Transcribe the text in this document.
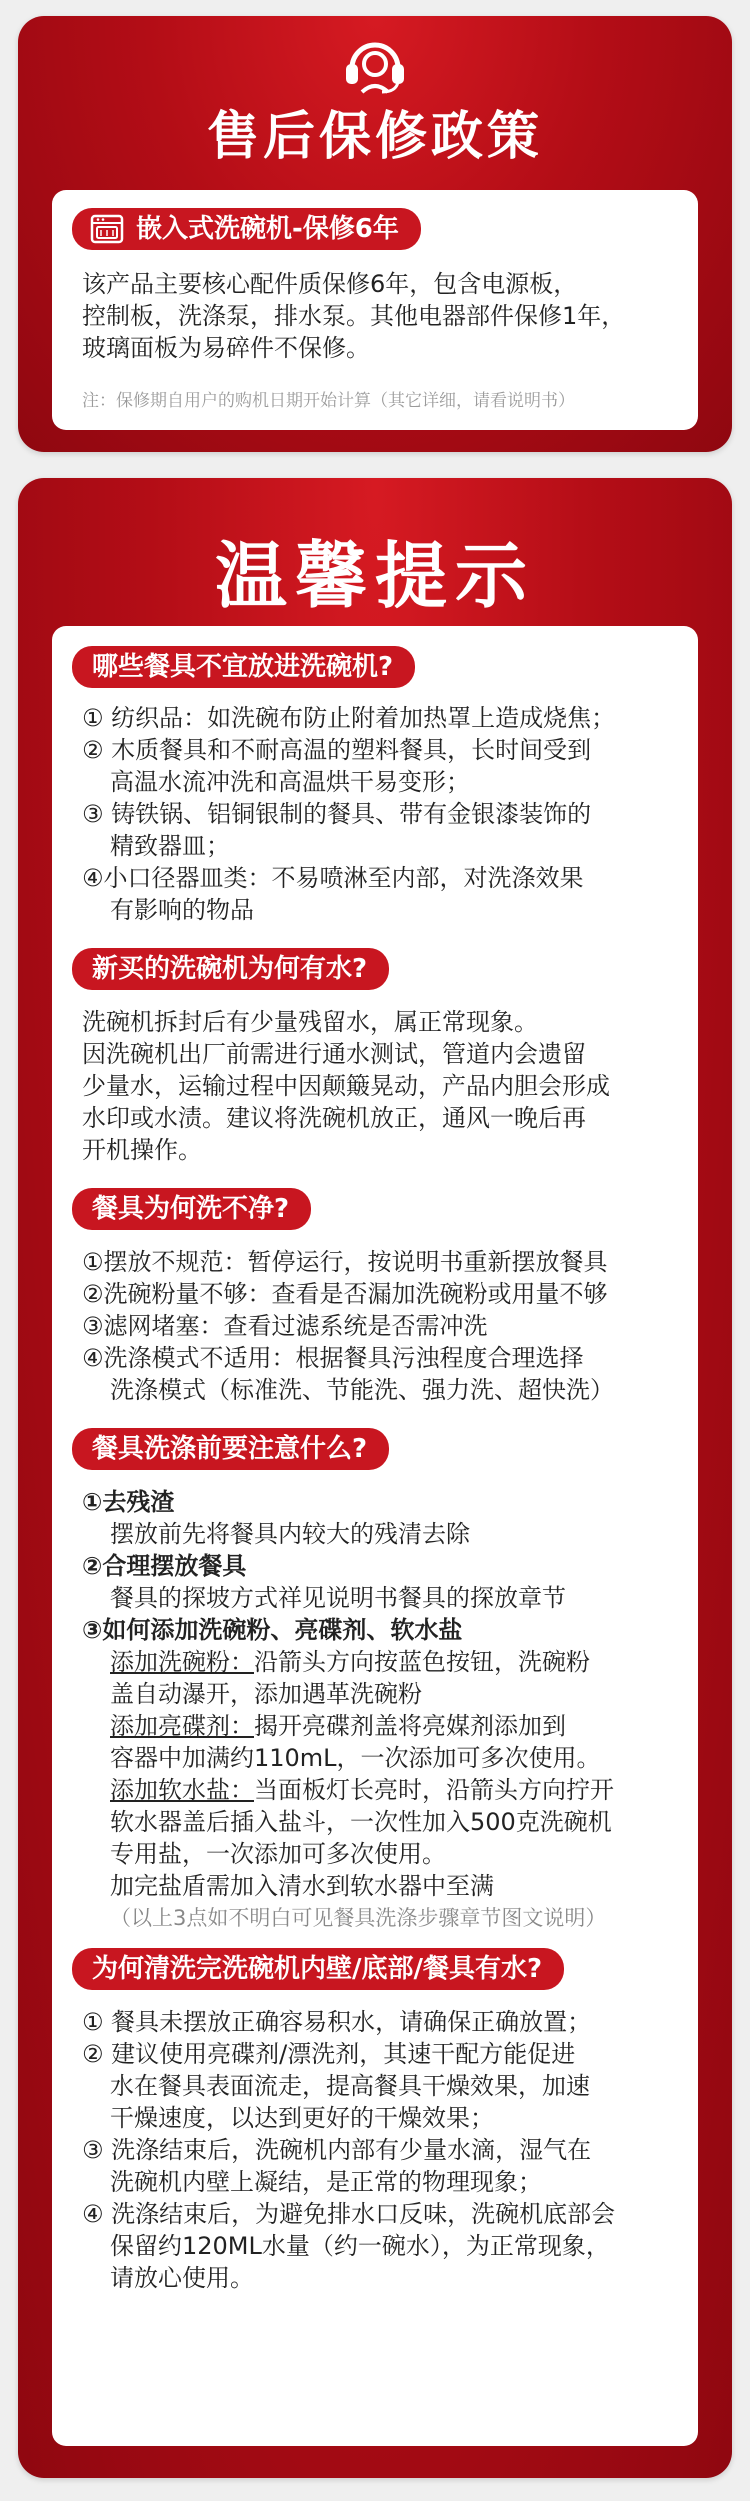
售后保修政策
嵌入式洗碗机-保修6年
该产品主要核心配件质保修6年，包含电源板，
控制板，洗涤泵，排水泵。其他电器部件保修1年，
玻璃面板为易碎件不保修。
注：保修期自用户的购机日期开始计算（其它详细，请看说明书）
温馨提示
哪些餐具不宜放进洗碗机?
① 纺织品：如洗碗布防止附着加热罩上造成烧焦；
② 木质餐具和不耐高温的塑料餐具，长时间受到
高温水流冲洗和高温烘干易变形；
③ 铸铁锅、铝铜银制的餐具、带有金银漆装饰的
精致器皿；
④小口径器皿类：不易喷淋至内部，对洗涤效果
有影响的物品
新买的洗碗机为何有水?
洗碗机拆封后有少量残留水，属正常现象。
因洗碗机出厂前需进行通水测试，管道内会遗留
少量水，运输过程中因颠簸晃动，产品内胆会形成
水印或水渍。建议将洗碗机放正，通风一晚后再
开机操作。
餐具为何洗不净?
①摆放不规范：暂停运行，按说明书重新摆放餐具
②洗碗粉量不够：查看是否漏加洗碗粉或用量不够
③滤网堵塞：查看过滤系统是否需冲洗
④洗涤模式不适用：根据餐具污浊程度合理选择
洗涤模式（标准洗、节能洗、强力洗、超快洗）
餐具洗涤前要注意什么?
①去残渣
摆放前先将餐具内较大的残清去除
②合理摆放餐具
餐具的探坡方式祥见说明书餐具的探放章节
③如何添加洗碗粉、亮碟剂、软水盐
添加洗碗粉：沿箭头方向按蓝色按钮，洗碗粉
盖自动瀑开，添加遇革洗碗粉
添加亮碟剂：揭开亮碟剂盖将亮媒剂添加到
容器中加满约110mL，一次添加可多次使用。
添加软水盐：当面板灯长亮时，沿箭头方向拧开
软水器盖后插入盐斗，一次性加入500克洗碗机
专用盐，一次添加可多次使用。
加完盐盾需加入清水到软水器中至满
（以上3点如不明白可见餐具洗涤步骤章节图文说明）
为何清洗完洗碗机内壁/底部/餐具有水?
① 餐具未摆放正确容易积水，请确保正确放置；
② 建议使用亮碟剂/漂洗剂，其速干配方能促进
水在餐具表面流走，提高餐具干燥效果，加速
干燥速度，以达到更好的干燥效果；
③ 洗涤结束后，洗碗机内部有少量水滴，湿气在
洗碗机内壁上凝结，是正常的物理现象；
④ 洗涤结束后，为避免排水口反味，洗碗机底部会
保留约120ML水量（约一碗水），为正常现象，
请放心使用。
